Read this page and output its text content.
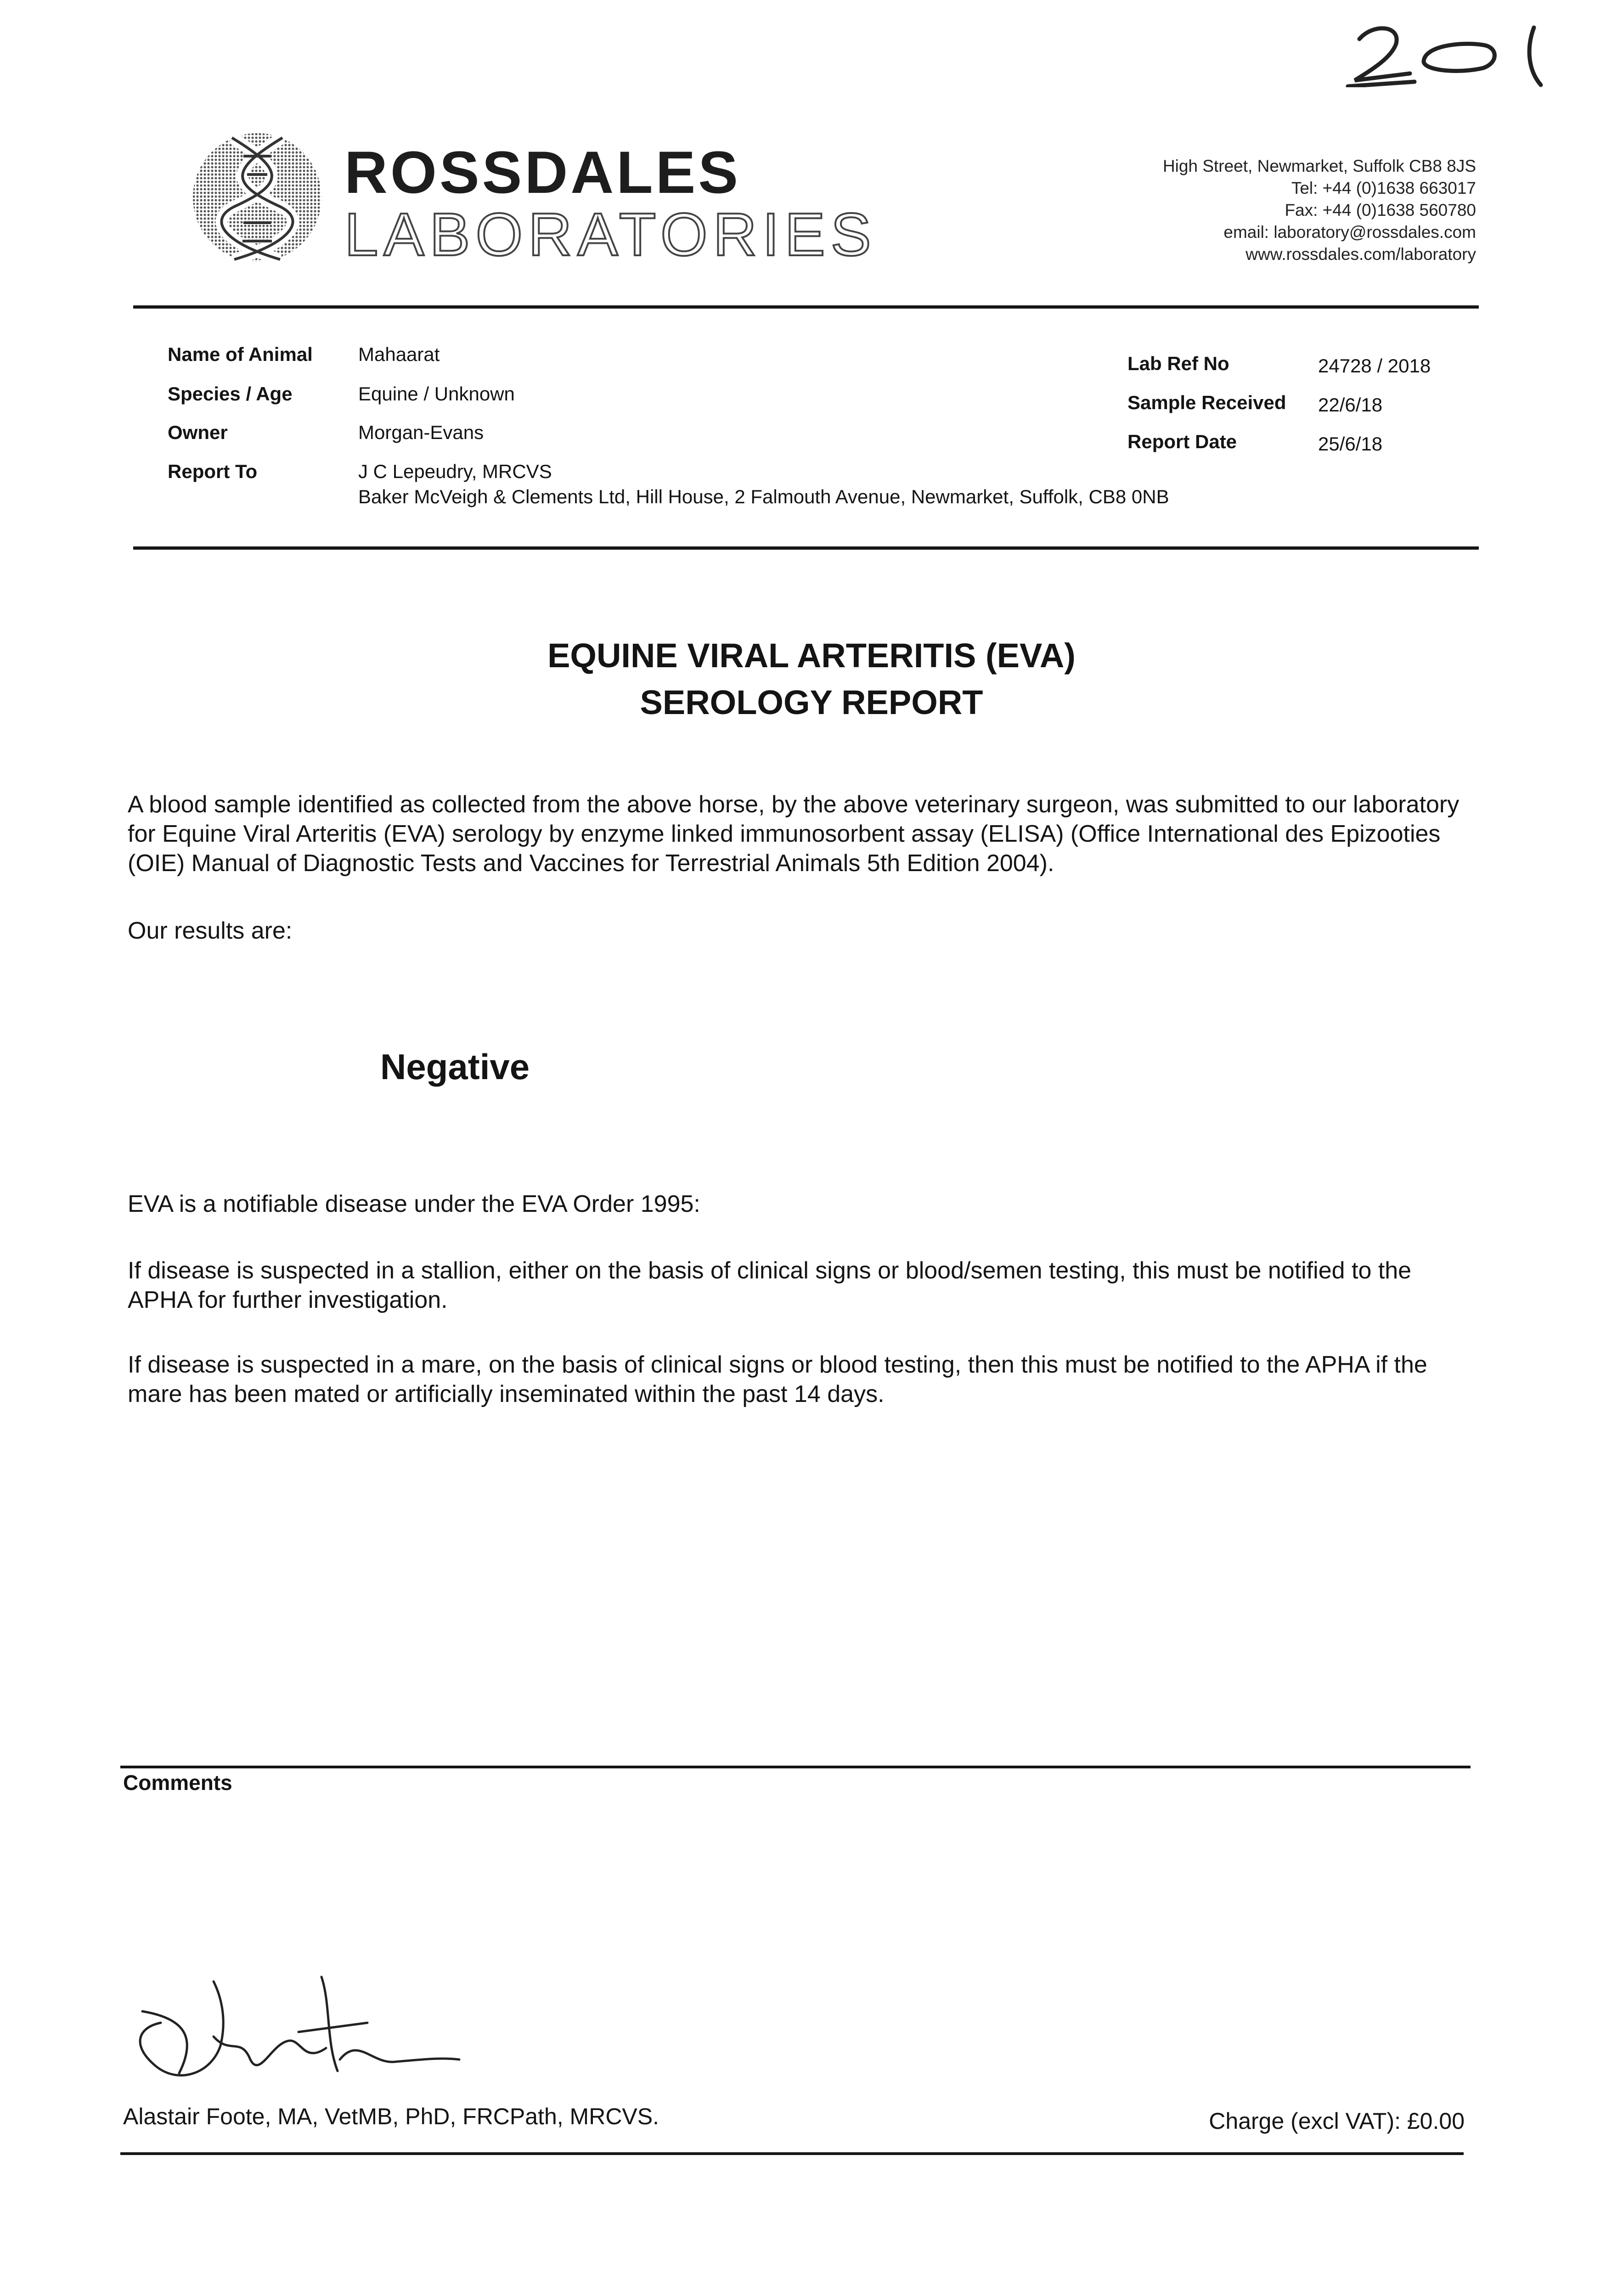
ROSSDALES
LABORATORIES
High Street, Newmarket, Suffolk CB8 8JS
Tel: +44 (0)1638 663017
Fax: +44 (0)1638 560780
email: laboratory@rossdales.com
www.rossdales.com/laboratory
Name of Animal Mahaarat
Species / Age	Equine / Unknown
Owner	Morgan-Evans
Report To	J C Lepeudry, MRCVS
Baker McVeigh & Clements Ltd, Hill House, 2 Falmouth Avenue, Newmarket, Suffolk, CB8 0NB
Lab Ref No	24728 / 2018
Sample Received 22/6/18
Report Date	25/6/18
EQUINE VIRAL ARTERITIS (EVA)
SEROLOGY REPORT
A blood sample identified as collected from the above horse, by the above veterinary surgeon, was submitted to our laboratory for Equine Viral Arteritis (EVA) serology by enzyme linked immunosorbent assay (ELISA) (Office International des Epizooties (OIE) Manual of Diagnostic Tests and Vaccines for Terrestrial Animals 5th Edition 2004).
Our results are:
Negative
EVA is a notifiable disease under the EVA Order 1995:
If disease is suspected in a stallion, either on the basis of clinical signs or blood/semen testing, this must be notified to the APHA for further investigation.
If disease is suspected in a mare, on the basis of clinical signs or blood testing, then this must be notified to the APHA if the mare has been mated or artificially inseminated within the past 14 days.
Comments
Alastair Foote, MA, VetMB, PhD, FRCPath, MRCVS.	Charge (excl VAT): £0.00
